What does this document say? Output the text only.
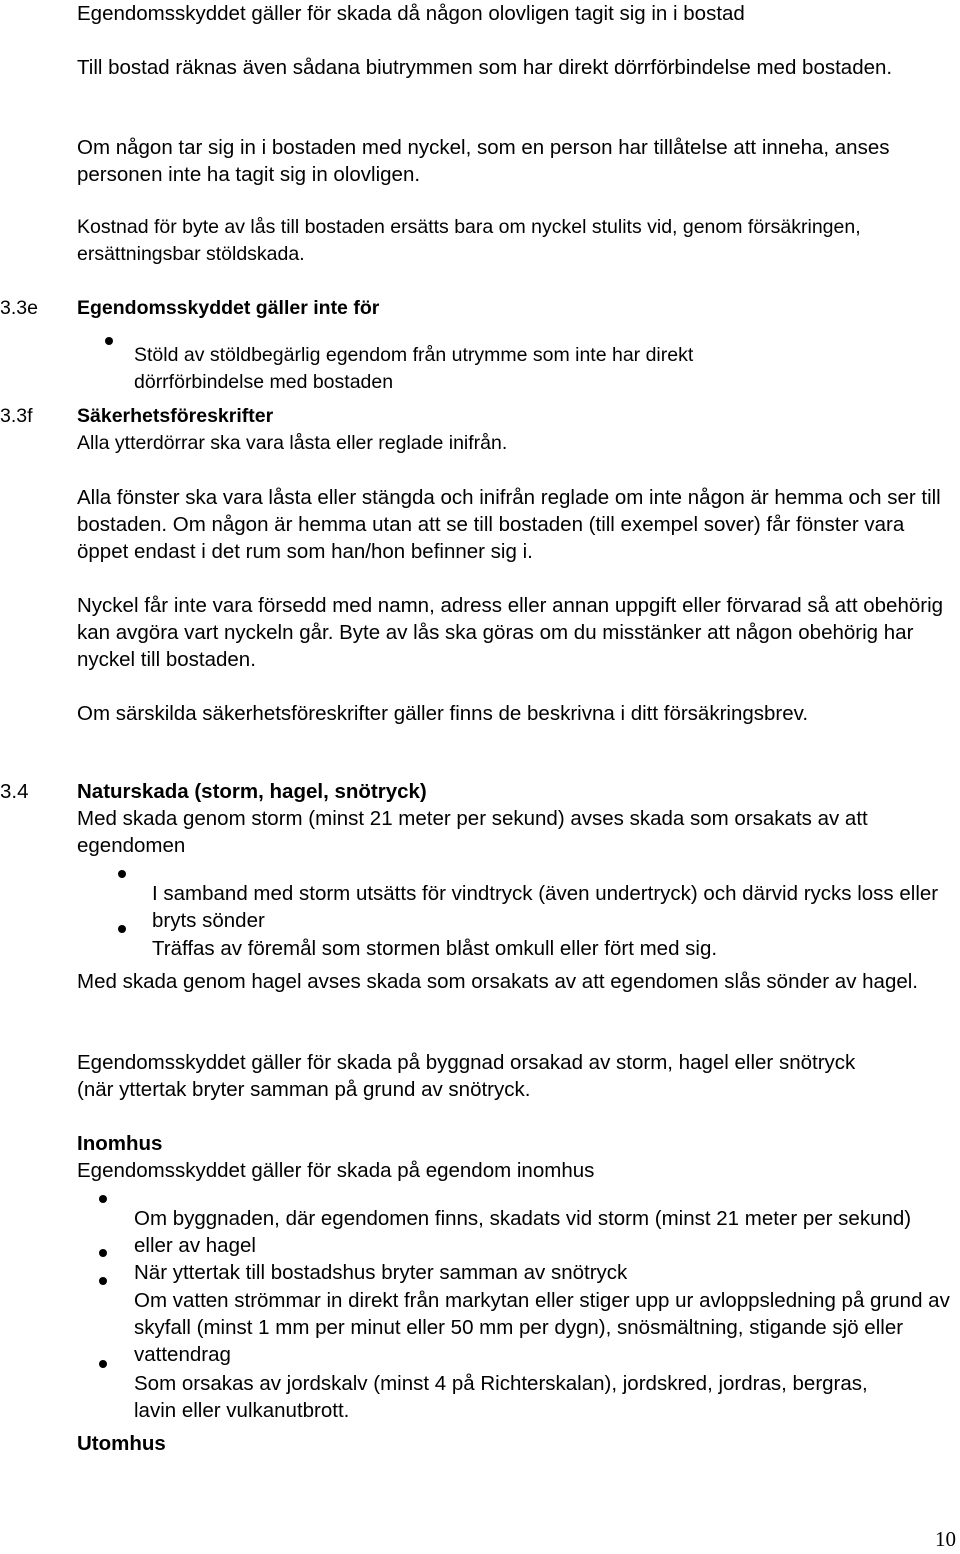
Egendomsskyddet gäller för skada då någon olovligen tagit sig in i bostad

Till bostad räknas även sådana biutrymmen som har direkt dörrförbindelse med bostaden.

Om någon tar sig in i bostaden med nyckel, som en person har tillåtelse att inneha, anses personen inte ha tagit sig in olovligen.

Kostnad för byte av lås till bostaden ersätts bara om nyckel stulits vid, genom försäkringen, ersättningsbar stöldskada.

3.3e Egendomsskyddet gäller inte för

Stöld av stöldbegärlig egendom från utrymme som inte har direkt dörrförbindelse med bostaden

3.3f Säkerhetsföreskrifter

Alla ytterdörrar ska vara låsta eller reglade inifrån.

Alla fönster ska vara låsta eller stängda och inifrån reglade om inte någon är hemma och ser till bostaden. Om någon är hemma utan att se till bostaden (till exempel sover) får fönster vara öppet endast i det rum som han/hon befinner sig i.

Nyckel får inte vara försedd med namn, adress eller annan uppgift eller förvarad så att obehörig kan avgöra vart nyckeln går. Byte av lås ska göras om du misstänker att någon obehörig har nyckel till bostaden.

Om särskilda säkerhetsföreskrifter gäller finns de beskrivna i ditt försäkringsbrev.

3.4 Naturskada (storm, hagel, snötryck)

Med skada genom storm (minst 21 meter per sekund) avses skada som orsakats av att egendomen

I samband med storm utsätts för vindtryck (även undertryck) och därvid rycks loss eller bryts sönder

Träffas av föremål som stormen blåst omkull eller fört med sig.

Med skada genom hagel avses skada som orsakats av att egendomen slås sönder av hagel.

Egendomsskyddet gäller för skada på byggnad orsakad av storm, hagel eller snötryck (när yttertak bryter samman på grund av snötryck.

Inomhus

Egendomsskyddet gäller för skada på egendom inomhus

Om byggnaden, där egendomen finns, skadats vid storm (minst 21 meter per sekund) eller av hagel

När yttertak till bostadshus bryter samman av snötryck

Om vatten strömmar in direkt från markytan eller stiger upp ur avloppsledning på grund av skyfall (minst 1 mm per minut eller 50 mm per dygn), snösmältning, stigande sjö eller vattendrag

Som orsakas av jordskalv (minst 4 på Richterskalan), jordskred, jordras, bergras, lavin eller vulkanutbrott.

Utomhus

10
